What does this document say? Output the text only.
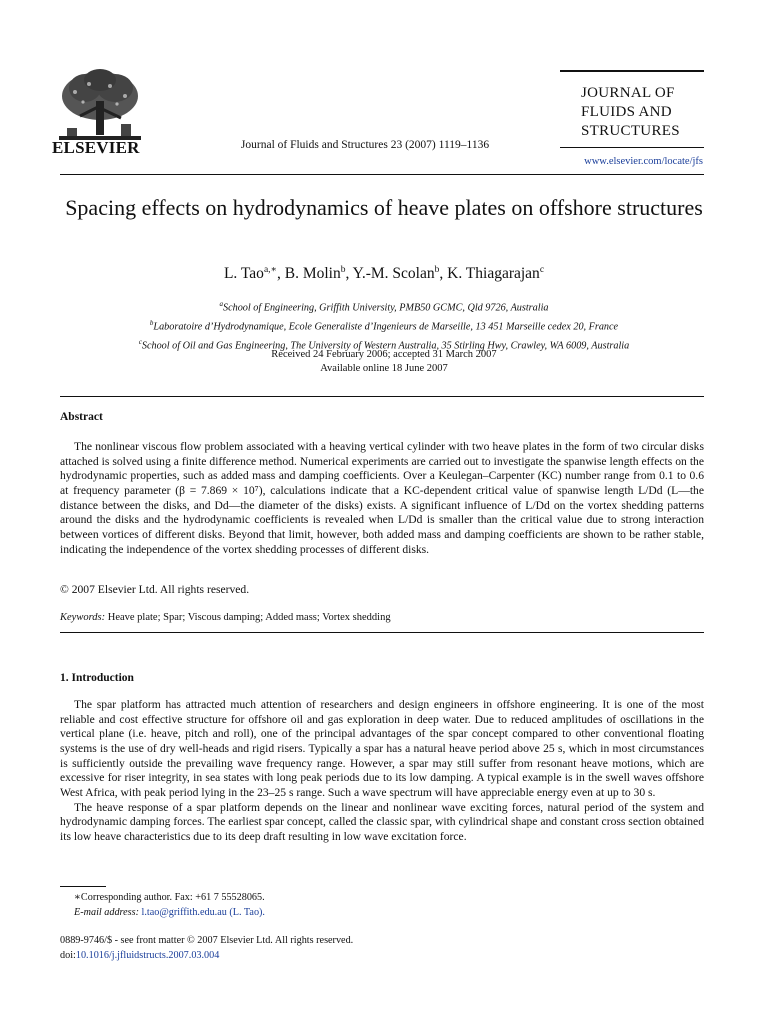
ELSEVIER	Journal of Fluids and Structures 23 (2007) 1119–1136
JOURNAL OF
FLUIDS AND
STRUCTURES
www.elsevier.com/locate/jfs
Spacing effects on hydrodynamics of heave plates on offshore structures
L. Tao$^{a,∗}$, B. Molin$^b$, Y.-M. Scolan$^b$, K. Thiagarajan$^c$
$^a$School of Engineering, Griffith University, PMB50 GCMC, Qld 9726, Australia
$^b$Laboratoire d’Hydrodynamique, Ecole Generaliste d’Ingenieurs de Marseille, 13 451 Marseille cedex 20, France
$^c$School of Oil and Gas Engineering, The University of Western Australia, 35 Stirling Hwy, Crawley, WA 6009, Australia
Received 24 February 2006; accepted 31 March 2007
Available online 18 June 2007
Abstract

The nonlinear viscous flow problem associated with a heaving vertical cylinder with two heave plates in the form of two circular disks attached is solved using a finite difference method. Numerical experiments are carried out to investigate the spanwise length effects on the hydrodynamic properties, such as added mass and damping coefficients. Over a Keulegan–Carpenter (KC) number range from 0.1 to 0.6 at frequency parameter (β = 7.869 × 10⁷), calculations indicate that a KC-dependent critical value of spanwise length L/Dd (L—the distance between the disks, and Dd—the diameter of the disks) exists. A significant influence of L/Dd on the vortex shedding patterns around the disks and the hydrodynamic coefficients is revealed when L/Dd is smaller than the critical value due to strong interaction between vortices of different disks. Beyond that limit, however, both added mass and damping coefficients are shown to be rather stable, indicating the independence of the vortex shedding processes of different disks.

© 2007 Elsevier Ltd. All rights reserved.
Keywords: Heave plate; Spar; Viscous damping; Added mass; Vortex shedding
1. Introduction

The spar platform has attracted much attention of researchers and design engineers in offshore engineering. It is one of the most reliable and cost effective structure for offshore oil and gas exploration in deep water. Due to reduced amplitudes of oscillations in the vertical plane (i.e. heave, pitch and roll), one of the principal advantages of the spar concept compared to other conventional floating systems is the use of dry well-heads and rigid risers. Typically a spar has a natural heave period above 25 s, which in most circumstances is sufficiently outside the prevailing wave frequency range. However, a spar may still suffer from resonant heave motions, which are excessive for riser integrity, in sea states with long peak periods due to its low damping. A typical example is in the swell waves offshore West Africa, with peak period lying in the 23–25 s range. Such a wave spectrum will have appreciable energy even at up to 30 s.

The heave response of a spar platform depends on the linear and nonlinear wave exciting forces, natural period of the system and hydrodynamic damping forces. The earliest spar concept, called the classic spar, with cylindrical shape and constant cross section obtained its low heave characteristics due to its deep draft resulting in low wave excitation force.

∗Corresponding author. Fax: +61 7 55528065.
E-mail address: l.tao@griffith.edu.au (L. Tao).
0889-9746/$ - see front matter © 2007 Elsevier Ltd. All rights reserved.
doi:10.1016/j.jfluidstructs.2007.03.004
